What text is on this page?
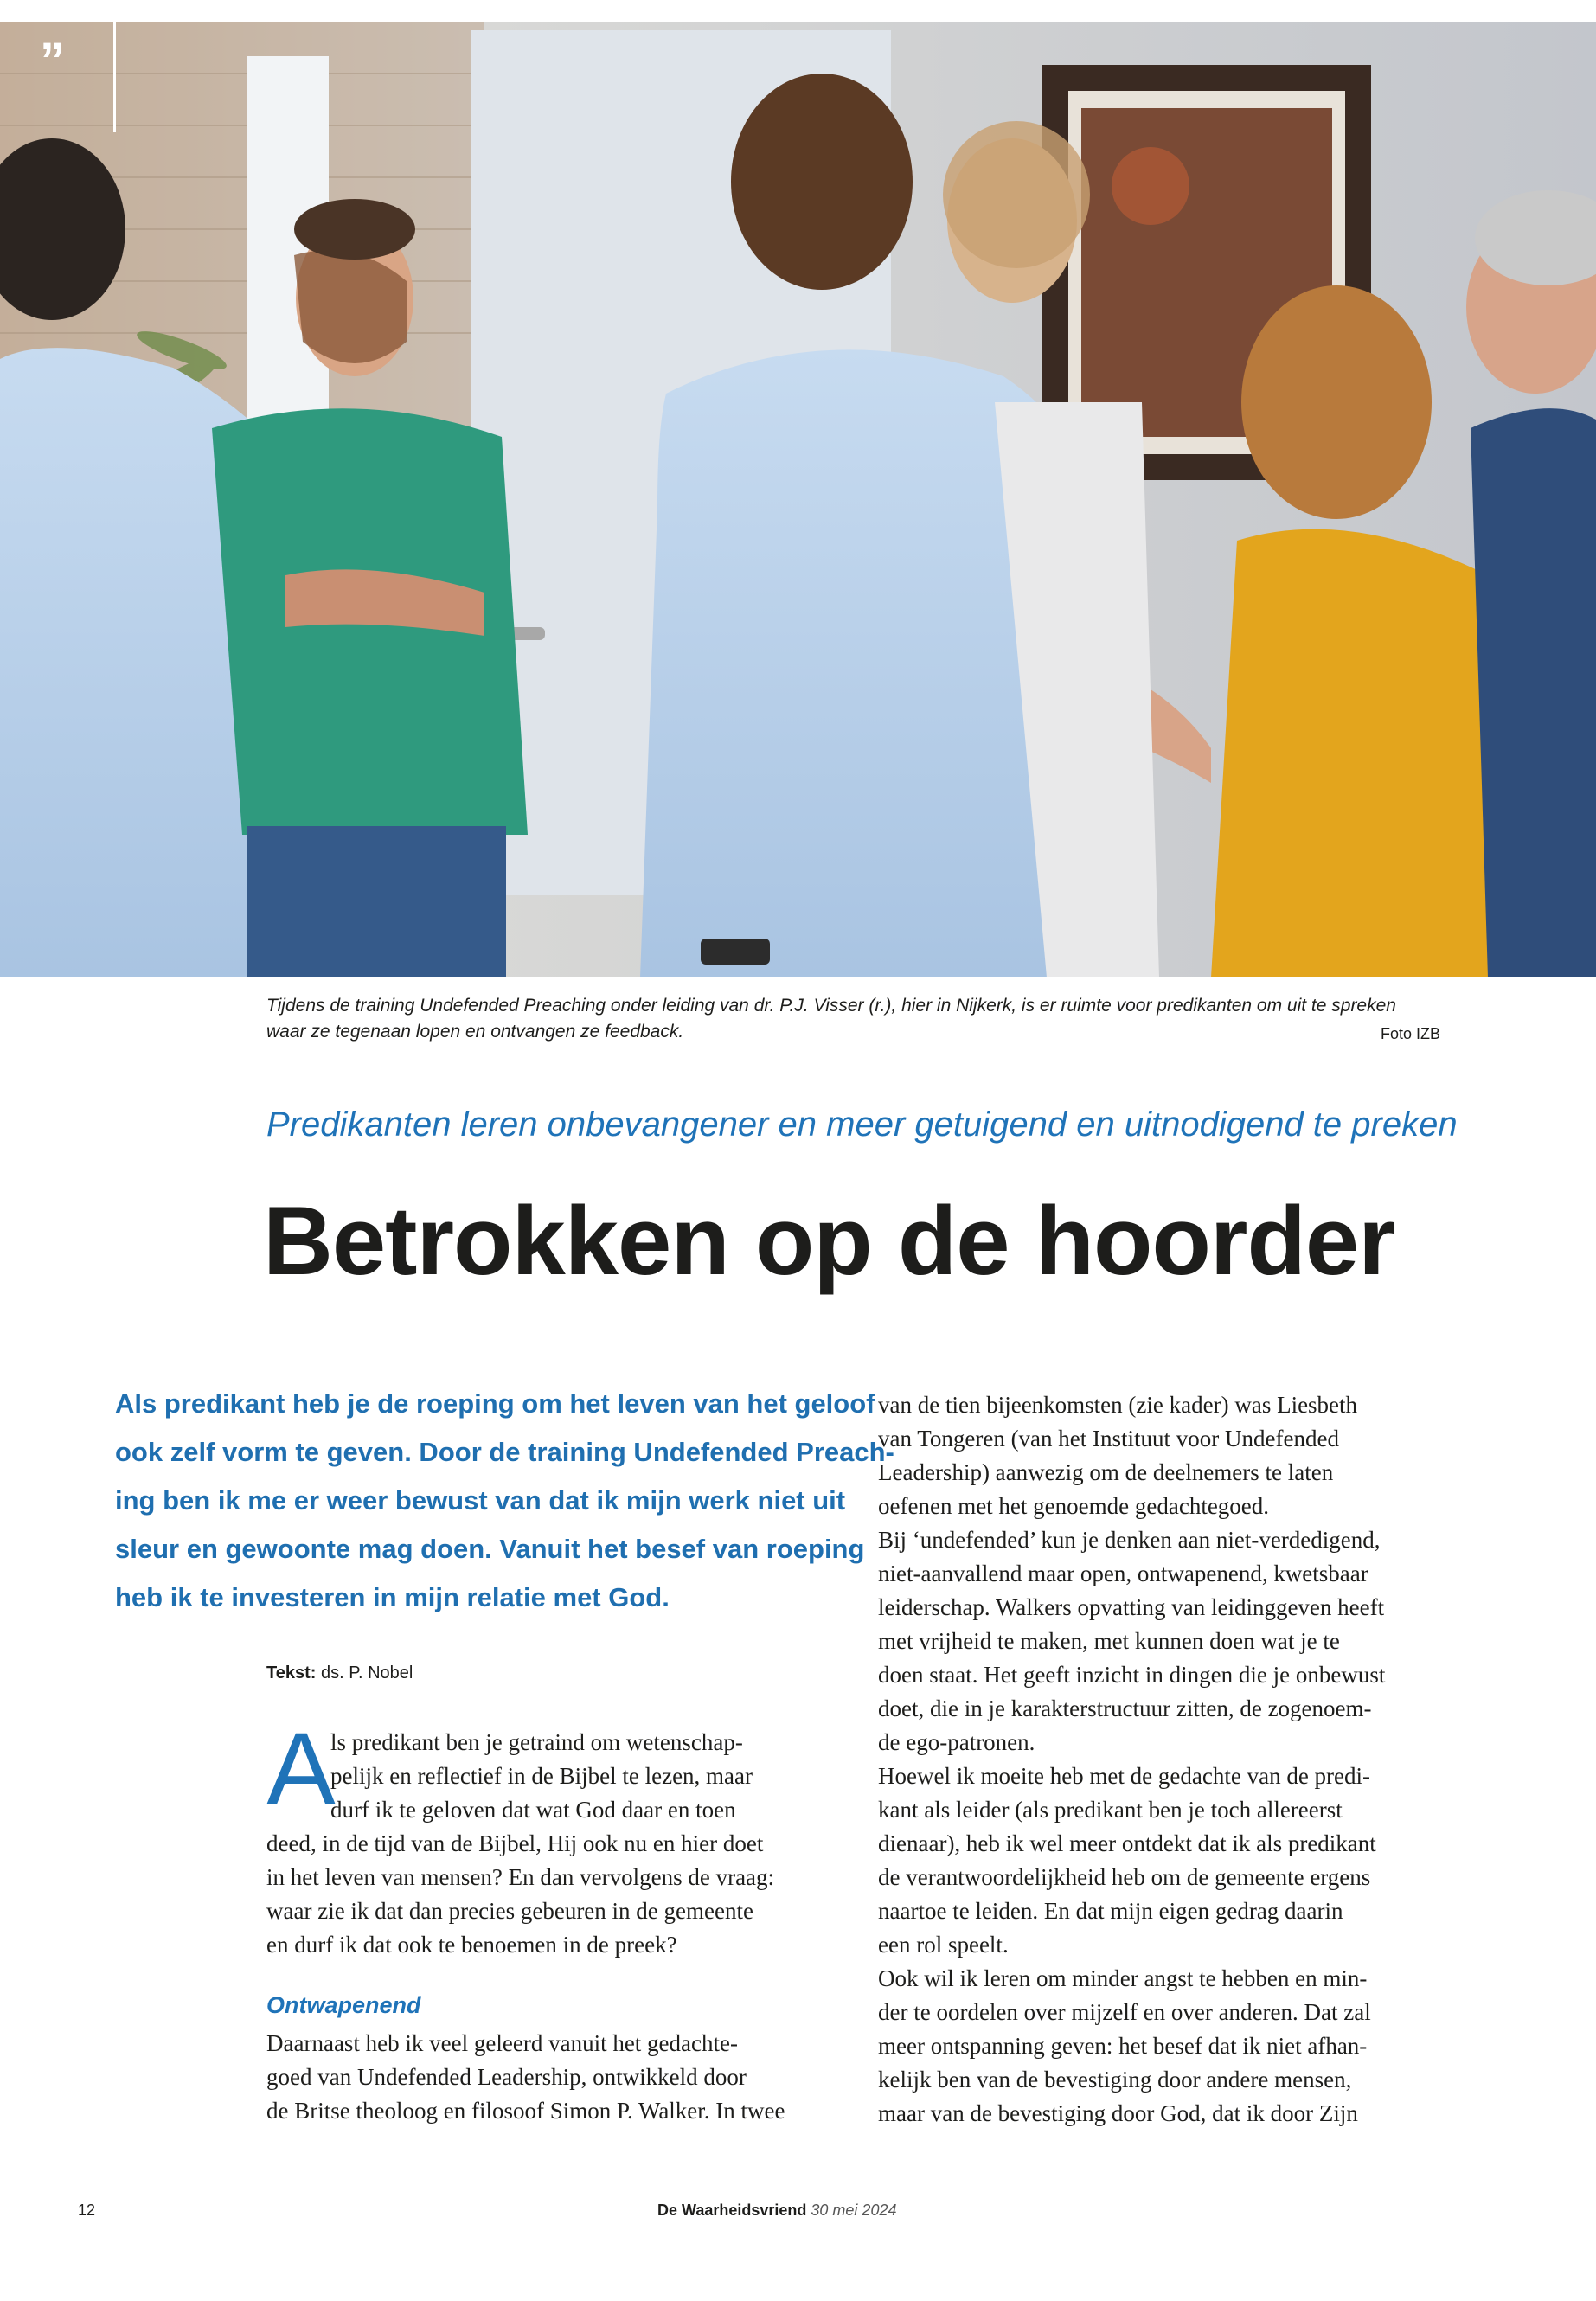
”
Tijdens de training Undefended Preaching onder leiding van dr. P.J. Visser (r.), hier in Nijkerk, is er ruimte voor predikanten om uit te spreken
waar ze tegenaan lopen en ontvangen ze feedback.	Foto IZB
Predikanten leren onbevangener en meer getuigend en uitnodigend te preken
Betrokken op de hoorder
Als predikant heb je de roeping om het leven van het geloof
ook zelf vorm te geven. Door de training Undefended Preach-
ing ben ik me er weer bewust van dat ik mijn werk niet uit
sleur en gewoonte mag doen. Vanuit het besef van roeping
heb ik te investeren in mijn relatie met God.
Tekst: ds. P. Nobel
A
ls predikant ben je getraind om wetenschap-
pelijk en reflectief in de Bijbel te lezen, maar
durf ik te geloven dat wat God daar en toen
deed, in de tijd van de Bijbel, Hij ook nu en hier doet
in het leven van mensen? En dan vervolgens de vraag:
waar zie ik dat dan precies gebeuren in de gemeente
en durf ik dat ook te benoemen in de preek?
Ontwapenend
Daarnaast heb ik veel geleerd vanuit het gedachte-
goed van Undefended Leadership, ontwikkeld door
de Britse theoloog en filosoof Simon P. Walker. In twee
van de tien bijeenkomsten (zie kader) was Liesbeth
van Tongeren (van het Instituut voor Undefended
Leadership) aanwezig om de deelnemers te laten
oefenen met het genoemde gedachtegoed.
Bij ‘undefended’ kun je denken aan niet-verdedigend,
niet-aanvallend maar open, ontwapenend, kwetsbaar
leiderschap. Walkers opvatting van leidinggeven heeft
met vrijheid te maken, met kunnen doen wat je te
doen staat. Het geeft inzicht in dingen die je onbewust
doet, die in je karakterstructuur zitten, de zogenoem-
de ego-patronen.
Hoewel ik moeite heb met de gedachte van de predi-
kant als leider (als predikant ben je toch allereerst
dienaar), heb ik wel meer ontdekt dat ik als predikant
de verantwoordelijkheid heb om de gemeente ergens
naartoe te leiden. En dat mijn eigen gedrag daarin
een rol speelt.
Ook wil ik leren om minder angst te hebben en min-
der te oordelen over mijzelf en over anderen. Dat zal
meer ontspanning geven: het besef dat ik niet afhan-
kelijk ben van de bevestiging door andere mensen,
maar van de bevestiging door God, dat ik door Zijn
12	De Waarheidsvriend 30 mei 2024
